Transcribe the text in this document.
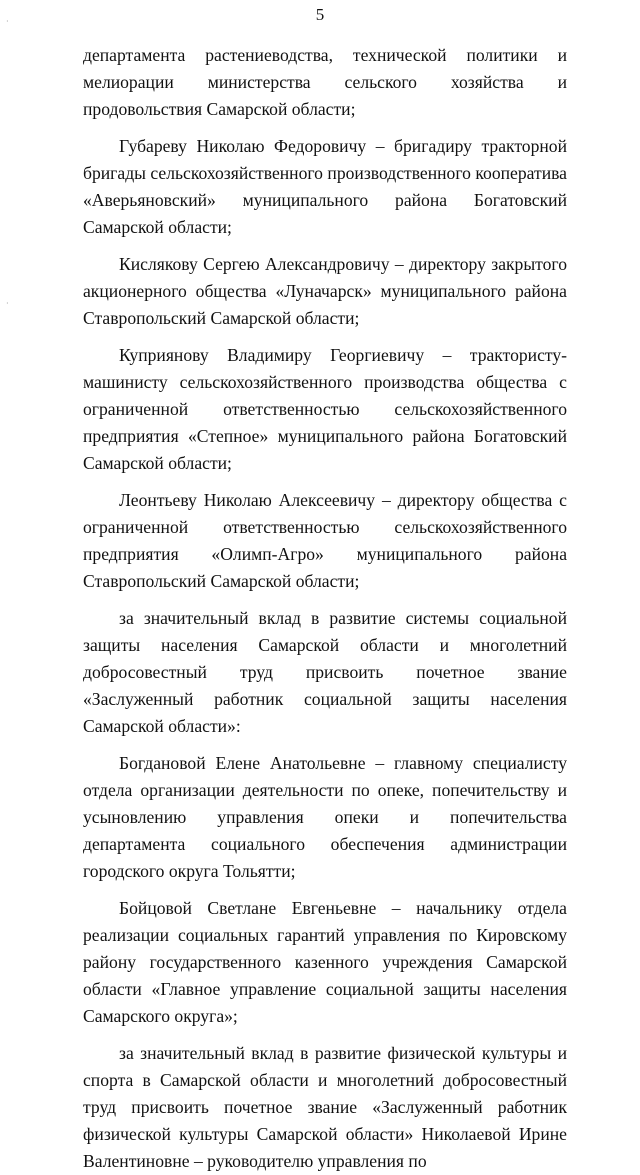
5
·
·

департамента растениеводства, технической политики и мелиорации министерства сельского хозяйства и продовольствия Самарской области;

Губареву Николаю Федоровичу – бригадиру тракторной бригады сельскохозяйственного производственного кооператива «Аверьяновский» муниципального района Богатовский Самарской области;

Кислякову Сергею Александровичу – директору закрытого акционерного общества «Луначарск» муниципального района Ставропольский Самарской области;

Куприянову Владимиру Георгиевичу – трактористу-машинисту сельскохозяйственного производства общества с ограниченной ответственностью сельскохозяйственного предприятия «Степное» муниципального района Богатовский Самарской области;

Леонтьеву Николаю Алексеевичу – директору общества с ограниченной ответственностью сельскохозяйственного предприятия «Олимп-Агро» муниципального района Ставропольский Самарской области;

за значительный вклад в развитие системы социальной защиты населения Самарской области и многолетний добросовестный труд присвоить почетное звание «Заслуженный работник социальной защиты населения Самарской области»:

Богдановой Елене Анатольевне – главному специалисту отдела организации деятельности по опеке, попечительству и усыновлению управления опеки и попечительства департамента социального обеспечения администрации городского округа Тольятти;

Бойцовой Светлане Евгеньевне – начальнику отдела реализации социальных гарантий управления по Кировскому району государственного казенного учреждения Самарской области «Главное управление социальной защиты населения Самарского округа»;

за значительный вклад в развитие физической культуры и спорта в Самарской области и многолетний добросовестный труд присвоить почетное звание «Заслуженный работник физической культуры Самарской области» Николаевой Ирине Валентиновне – руководителю управления по
